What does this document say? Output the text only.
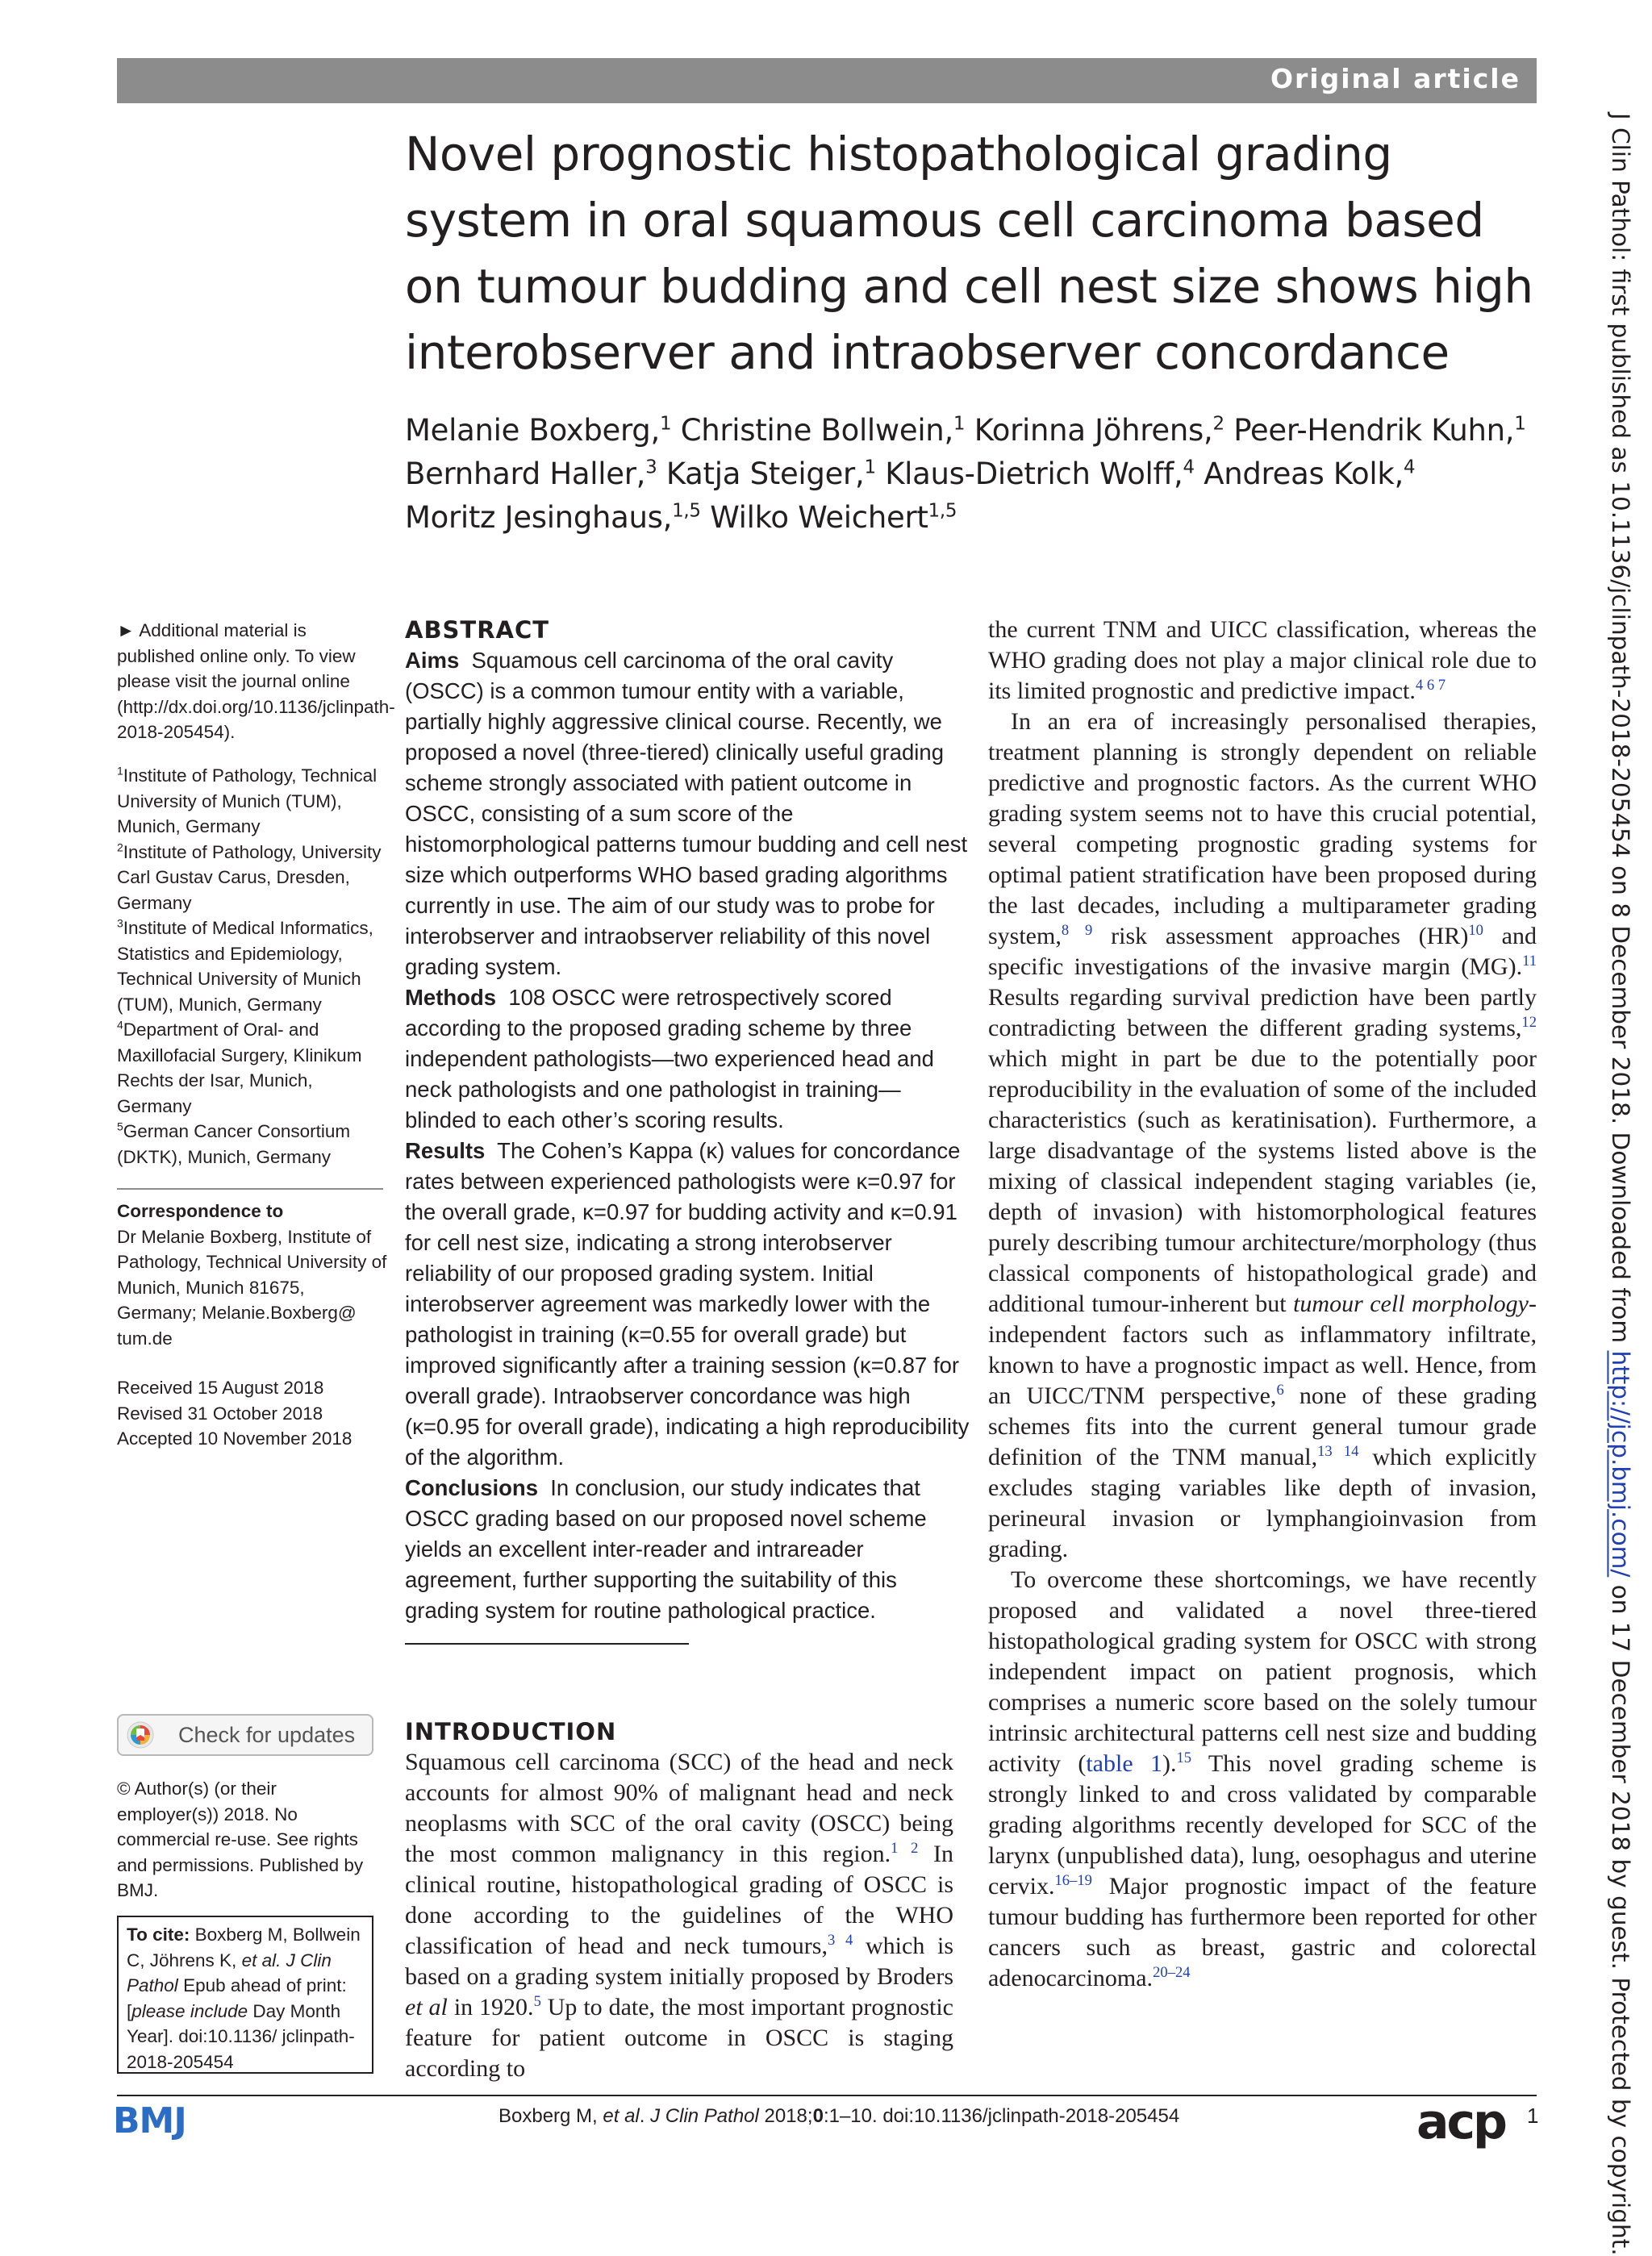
Original article
Novel prognostic histopathological grading system in oral squamous cell carcinoma based on tumour budding and cell nest size shows high interobserver and intraobserver concordance
Melanie Boxberg,$^1$ Christine Bollwein,$^1$ Korinna Jöhrens,$^2$ Peer-Hendrik Kuhn,$^1$
Bernhard Haller,$^3$ Katja Steiger,$^1$ Klaus-Dietrich Wolff,$^4$ Andreas Kolk,$^4$
Moritz Jesinghaus,$^{1,5}$ Wilko Weichert$^{1,5}$
► Additional material is published online only. To view please visit the journal online (http://dx.doi.org/10.1136/jclinpath-2018-205454).
$^1$Institute of Pathology, Technical University of Munich (TUM), Munich, Germany
$^2$Institute of Pathology, University Carl Gustav Carus, Dresden, Germany
$^3$Institute of Medical Informatics, Statistics and Epidemiology, Technical University of Munich (TUM), Munich, Germany
$^4$Department of Oral- and Maxillofacial Surgery, Klinikum Rechts der Isar, Munich, Germany
$^5$German Cancer Consortium (DKTK), Munich, Germany
Correspondence to
Dr Melanie Boxberg, Institute of Pathology, Technical University of Munich, Munich 81675, Germany; Melanie.Boxberg@ tum.de
Received 15 August 2018
Revised 31 October 2018
Accepted 10 November 2018
Check for updates
© Author(s) (or their employer(s)) 2018. No commercial re-use. See rights and permissions. Published by BMJ.
To cite: Boxberg M, Bollwein C, Jöhrens K, et al. J Clin Pathol Epub ahead of print: [please include Day Month Year]. doi:10.1136/ jclinpath-2018-205454
ABSTRACT
Aims Squamous cell carcinoma of the oral cavity (OSCC) is a common tumour entity with a variable, partially highly aggressive clinical course. Recently, we proposed a novel (three-tiered) clinically useful grading scheme strongly associated with patient outcome in OSCC, consisting of a sum score of the histomorphological patterns tumour budding and cell nest size which outperforms WHO based grading algorithms currently in use. The aim of our study was to probe for interobserver and intraobserver reliability of this novel grading system.
Methods 108 OSCC were retrospectively scored according to the proposed grading scheme by three independent pathologists—two experienced head and neck pathologists and one pathologist in training—blinded to each other’s scoring results.
Results The Cohen’s Kappa (κ) values for concordance rates between experienced pathologists were κ=0.97 for the overall grade, κ=0.97 for budding activity and κ=0.91 for cell nest size, indicating a strong interobserver reliability of our proposed grading system. Initial interobserver agreement was markedly lower with the pathologist in training (κ=0.55 for overall grade) but improved significantly after a training session (κ=0.87 for overall grade). Intraobserver concordance was high (κ=0.95 for overall grade), indicating a high reproducibility of the algorithm.
Conclusions In conclusion, our study indicates that OSCC grading based on our proposed novel scheme yields an excellent inter-reader and intrareader agreement, further supporting the suitability of this grading system for routine pathological practice.
INTRODUCTION
Squamous cell carcinoma (SCC) of the head and neck accounts for almost 90% of malignant head and neck neoplasms with SCC of the oral cavity (OSCC) being the most common malignancy in this region.$^{1 2}$ In clinical routine, histopathological grading of OSCC is done according to the guidelines of the WHO classification of head and neck tumours,$^{3 4}$ which is based on a grading system initially proposed by Broders et al in 1920.$^5$ Up to date, the most important prognostic feature for patient outcome in OSCC is staging according to

the current TNM and UICC classification, whereas the WHO grading does not play a major clinical role due to its limited prognostic and predictive impact.$^{4 6 7}$

In an era of increasingly personalised therapies, treatment planning is strongly dependent on reliable predictive and prognostic factors. As the current WHO grading system seems not to have this crucial potential, several competing prognostic grading systems for optimal patient stratification have been proposed during the last decades, including a multiparameter grading system,$^{8 9}$ risk assessment approaches (HR)$^{10}$ and specific investigations of the invasive margin (MG).$^{11}$ Results regarding survival prediction have been partly contradicting between the different grading systems,$^{12}$ which might in part be due to the potentially poor reproducibility in the evaluation of some of the included characteristics (such as keratinisation). Furthermore, a large disadvantage of the systems listed above is the mixing of classical independent staging variables (ie, depth of invasion) with histomorphological features purely describing tumour architecture/morphology (thus classical components of histopathological grade) and additional tumour-inherent but tumour cell morphology-independent factors such as inflammatory infiltrate, known to have a prognostic impact as well. Hence, from an UICC/TNM perspective,$^6$ none of these grading schemes fits into the current general tumour grade definition of the TNM manual,$^{13 14}$ which explicitly excludes staging variables like depth of invasion, perineural invasion or lymphangioinvasion from grading.

To overcome these shortcomings, we have recently proposed and validated a novel three-tiered histopathological grading system for OSCC with strong independent impact on patient prognosis, which comprises a numeric score based on the solely tumour intrinsic architectural patterns cell nest size and budding activity (table 1).$^{15}$ This novel grading scheme is strongly linked to and cross validated by comparable grading algorithms recently developed for SCC of the larynx (unpublished data), lung, oesophagus and uterine cervix.$^{16-19}$ Major prognostic impact of the feature tumour budding has furthermore been reported for other cancers such as breast, gastric and colorectal adenocarcinoma.$^{20-24}$

J Clin Pathol: first published as 10.1136/jclinpath-2018-205454 on 8 December 2018. Downloaded from http://jcp.bmj.com/ on 17 December 2018 by guest. Protected by copyright.
BMJ	Boxberg M, et al. J Clin Pathol 2018;0:1–10. doi:10.1136/jclinpath-2018-205454	acp 1
